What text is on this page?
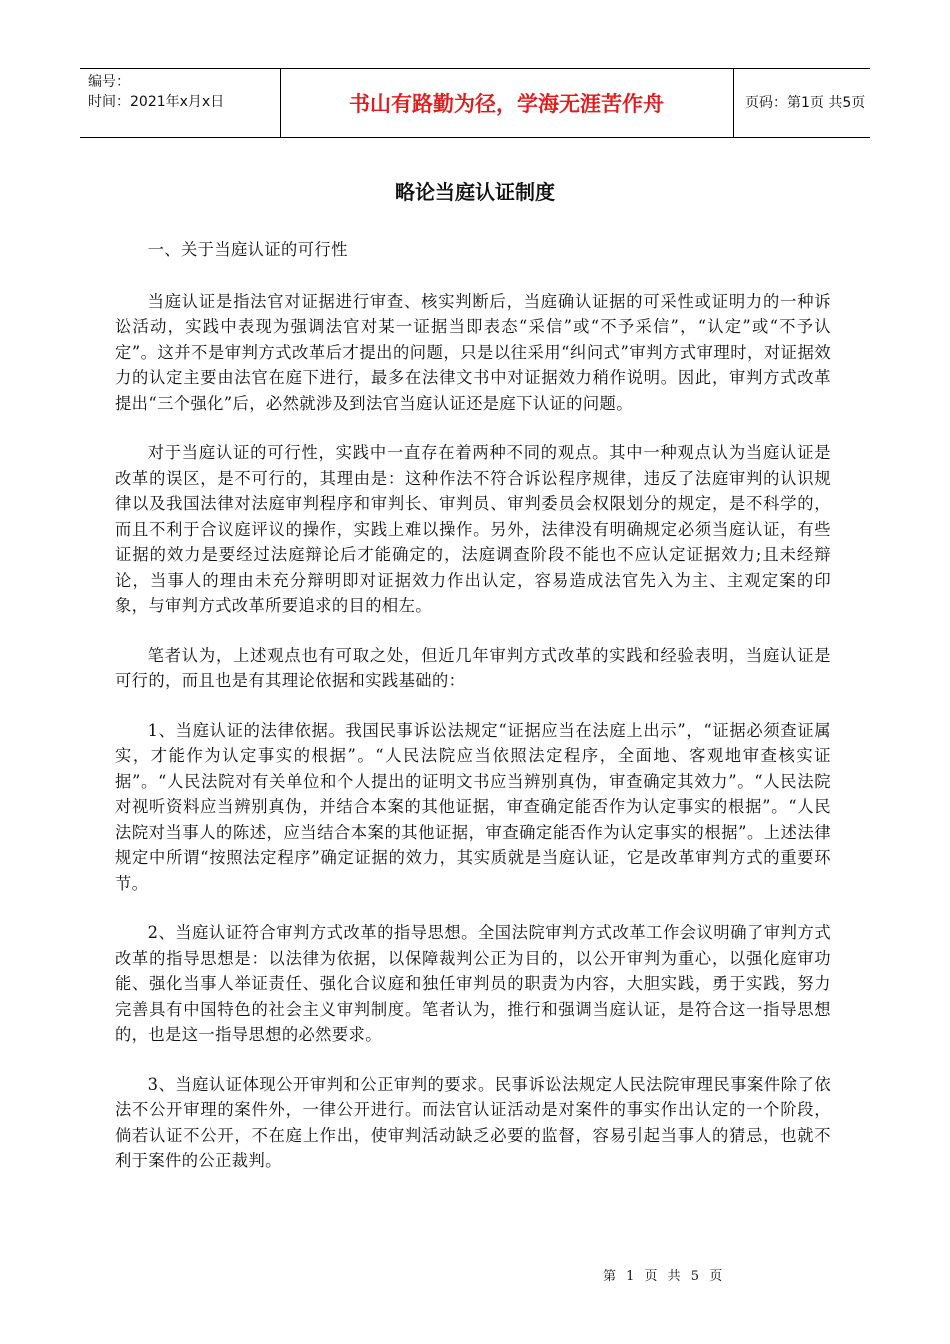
编号：
时间：2021年x月x日	书山有路勤为径，学海无涯苦作舟	页码：第1页 共5页
略论当庭认证制度

一、关于当庭认证的可行性

当庭认证是指法官对证据进行审查、核实判断后，当庭确认证据的可采性或证明力的一种诉讼活动，实践中表现为强调法官对某一证据当即表态“采信”或“不予采信”，“认定”或“不予认定”。这并不是审判方式改革后才提出的问题，只是以往采用“纠问式”审判方式审理时，对证据效力的认定主要由法官在庭下进行，最多在法律文书中对证据效力稍作说明。因此，审判方式改革提出“三个强化”后，必然就涉及到法官当庭认证还是庭下认证的问题。

对于当庭认证的可行性，实践中一直存在着两种不同的观点。其中一种观点认为当庭认证是改革的误区，是不可行的，其理由是：这种作法不符合诉讼程序规律，违反了法庭审判的认识规律以及我国法律对法庭审判程序和审判长、审判员、审判委员会权限划分的规定，是不科学的，而且不利于合议庭评议的操作，实践上难以操作。另外，法律没有明确规定必须当庭认证，有些证据的效力是要经过法庭辩论后才能确定的，法庭调查阶段不能也不应认定证据效力;且未经辩论，当事人的理由未充分辩明即对证据效力作出认定，容易造成法官先入为主、主观定案的印象，与审判方式改革所要追求的目的相左。

笔者认为，上述观点也有可取之处，但近几年审判方式改革的实践和经验表明，当庭认证是可行的，而且也是有其理论依据和实践基础的：

1、当庭认证的法律依据。我国民事诉讼法规定“证据应当在法庭上出示”，“证据必须查证属实，才能作为认定事实的根据”。“人民法院应当依照法定程序，全面地、客观地审查核实证据”。“人民法院对有关单位和个人提出的证明文书应当辨别真伪，审查确定其效力”。“人民法院对视听资料应当辨别真伪，并结合本案的其他证据，审查确定能否作为认定事实的根据”。“人民法院对当事人的陈述，应当结合本案的其他证据，审查确定能否作为认定事实的根据”。上述法律规定中所谓“按照法定程序”确定证据的效力，其实质就是当庭认证，它是改革审判方式的重要环节。

2、当庭认证符合审判方式改革的指导思想。全国法院审判方式改革工作会议明确了审判方式改革的指导思想是：以法律为依据，以保障裁判公正为目的，以公开审判为重心，以强化庭审功能、强化当事人举证责任、强化合议庭和独任审判员的职责为内容，大胆实践，勇于实践，努力完善具有中国特色的社会主义审判制度。笔者认为，推行和强调当庭认证，是符合这一指导思想的，也是这一指导思想的必然要求。

3、当庭认证体现公开审判和公正审判的要求。民事诉讼法规定人民法院审理民事案件除了依法不公开审理的案件外，一律公开进行。而法官认证活动是对案件的事实作出认定的一个阶段，倘若认证不公开，不在庭上作出，使审判活动缺乏必要的监督，容易引起当事人的猜忌，也就不利于案件的公正裁判。

第 1 页 共 5 页
